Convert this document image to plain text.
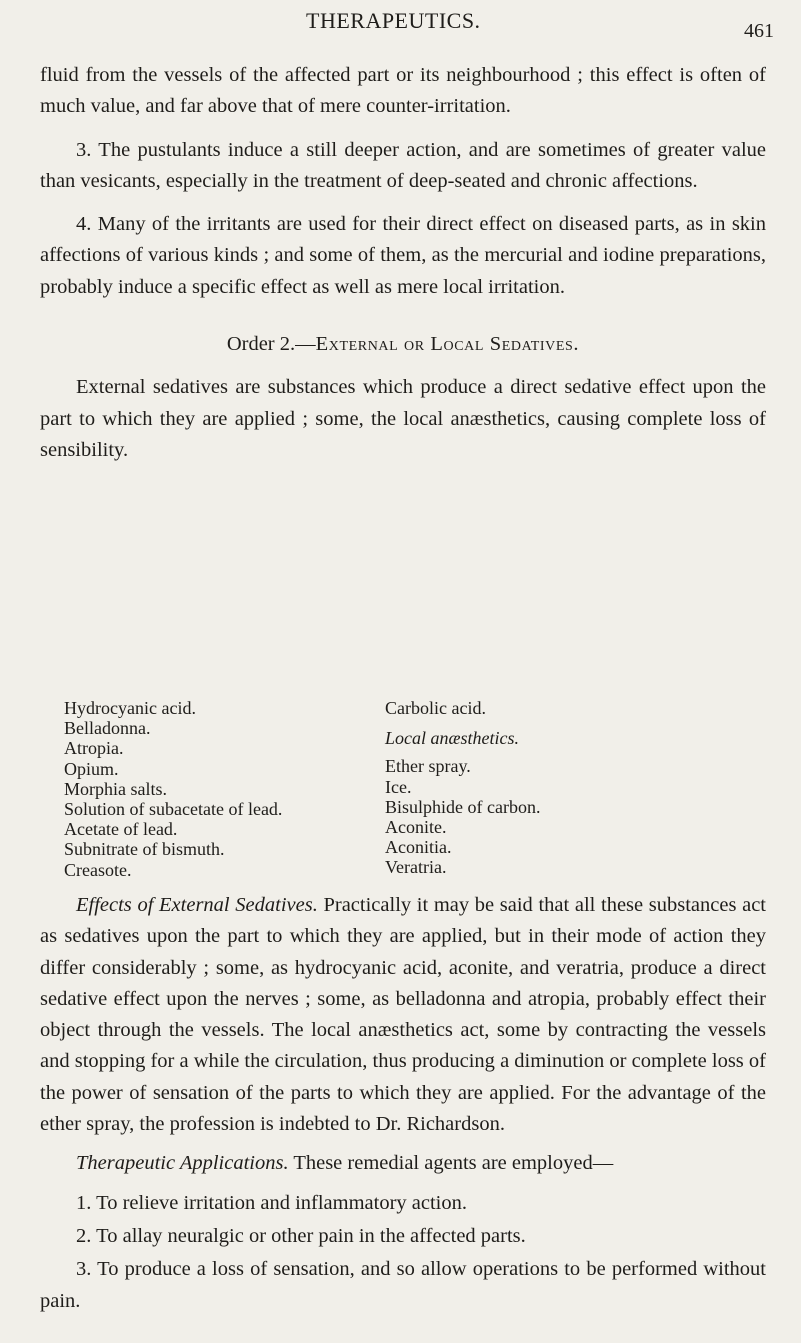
THERAPEUTICS.	461

fluid from the vessels of the affected part or its neighbourhood ; this effect is often of much value, and far above that of mere counter-irritation.

3. The pustulants induce a still deeper action, and are sometimes of greater value than vesicants, especially in the treatment of deep-seated and chronic affections.

4. Many of the irritants are used for their direct effect on diseased parts, as in skin affections of various kinds ; and some of them, as the mercurial and iodine preparations, probably induce a specific effect as well as mere local irritation.

Order 2.—External or Local Sedatives.

External sedatives are substances which produce a direct sedative effect upon the part to which they are applied ; some, the local anæsthetics, causing complete loss of sensibility.

Hydrocyanic acid.
Belladonna.
Atropia.
Opium.
Morphia salts.
Solution of subacetate of lead.
Acetate of lead.
Subnitrate of bismuth.
Creasote.
Carbolic acid.
Local anæsthetics.
Ether spray.
Ice.
Bisulphide of carbon.
Aconite.
Aconitia.
Veratria.

Effects of External Sedatives. Practically it may be said that all these substances act as sedatives upon the part to which they are applied, but in their mode of action they differ considerably ; some, as hydrocyanic acid, aconite, and veratria, produce a direct sedative effect upon the nerves ; some, as belladonna and atropia, probably effect their object through the vessels. The local anæsthetics act, some by contracting the vessels and stopping for a while the circulation, thus producing a diminution or complete loss of the power of sensation of the parts to which they are applied. For the advantage of the ether spray, the profession is indebted to Dr. Richardson.

Therapeutic Applications. These remedial agents are employed—

1. To relieve irritation and inflammatory action.

2. To allay neuralgic or other pain in the affected parts.

3. To produce a loss of sensation, and so allow operations to be performed without pain.
